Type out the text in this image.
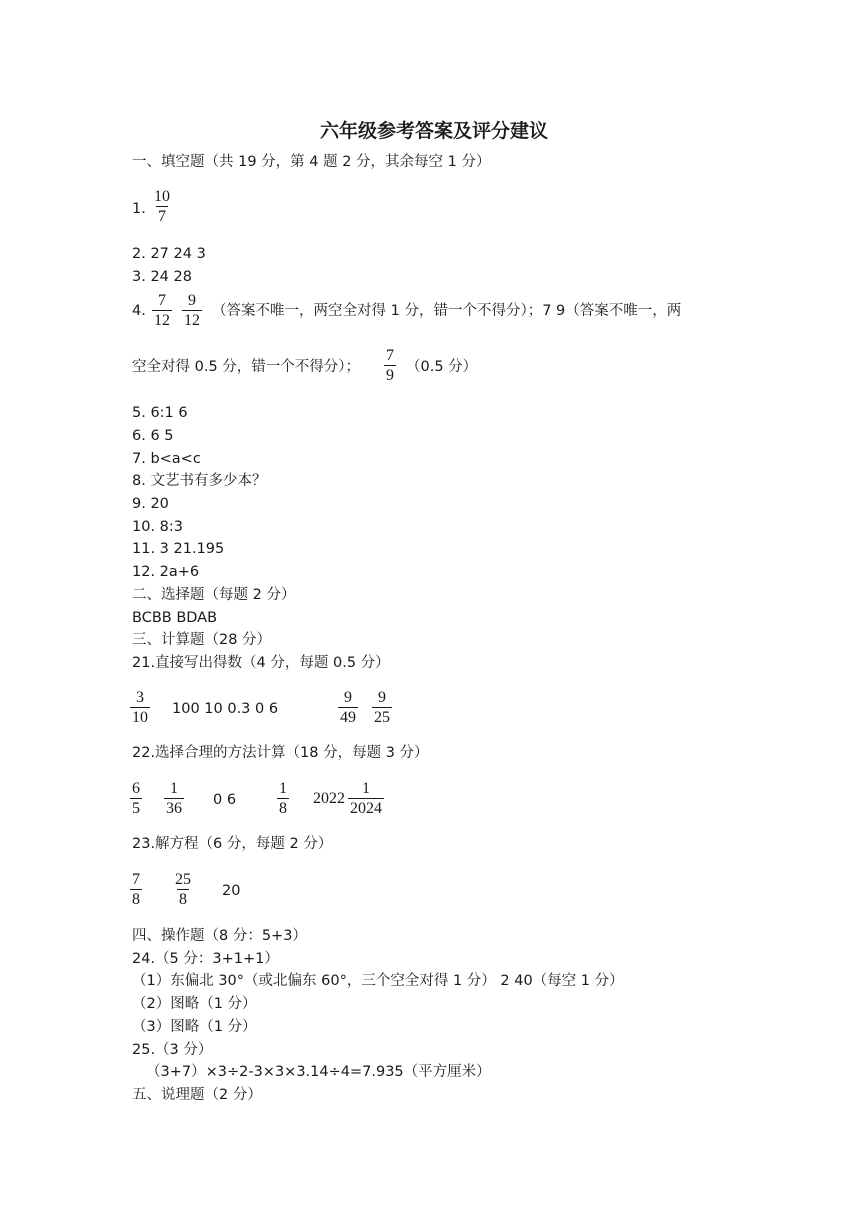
六年级参考答案及评分建议
一、填空题（共 19 分，第 4 题 2 分，其余每空 1 分）
1. $\frac{10}{7}$
2. 27 24 3
3. 24 28
4. $\frac{7}{12} \frac{9}{12}$ （答案不唯一，两空全对得 1 分，错一个不得分）；7 9（答案不唯一，两
空全对得 0.5 分，错一个不得分）； $\frac{7}{9} (0.5$ 分）
5. 6:1 6
6. 6 5
7. b<a<c
8. 文艺书有多少本？
9. 20
10. 8:3
11. 3 21.195
12. 2a+6
二、选择题（每题 2 分）
BCBB BDAB
三、计算题（28 分）
21.直接写出得数（4 分，每题 0.5 分）
$\frac{3}{10} 100$ 10 0.3 0 6	$\frac{9}{49} \frac{9}{25}$
22.选择合理的方法计算（18 分，每题 3 分）
$\frac{6}{5} \frac{1}{36} 0$ 6	$\frac{1}{8} 2022 \frac{1}{2024}$
23.解方程（6 分，每题 2 分）
$\frac{7}{8} \frac{25}{8} 20$
四、操作题（8 分：5+3）
24.（5 分：3+1+1）
（1）东偏北 30°（或北偏东 60°，三个空全对得 1 分） 2 40（每空 1 分）
（2）图略（1 分）
（3）图略（1 分）
25.（3 分）
（3+7）×3÷2-3×3×3.14÷4=7.935（平方厘米）
五、说理题（2 分）
